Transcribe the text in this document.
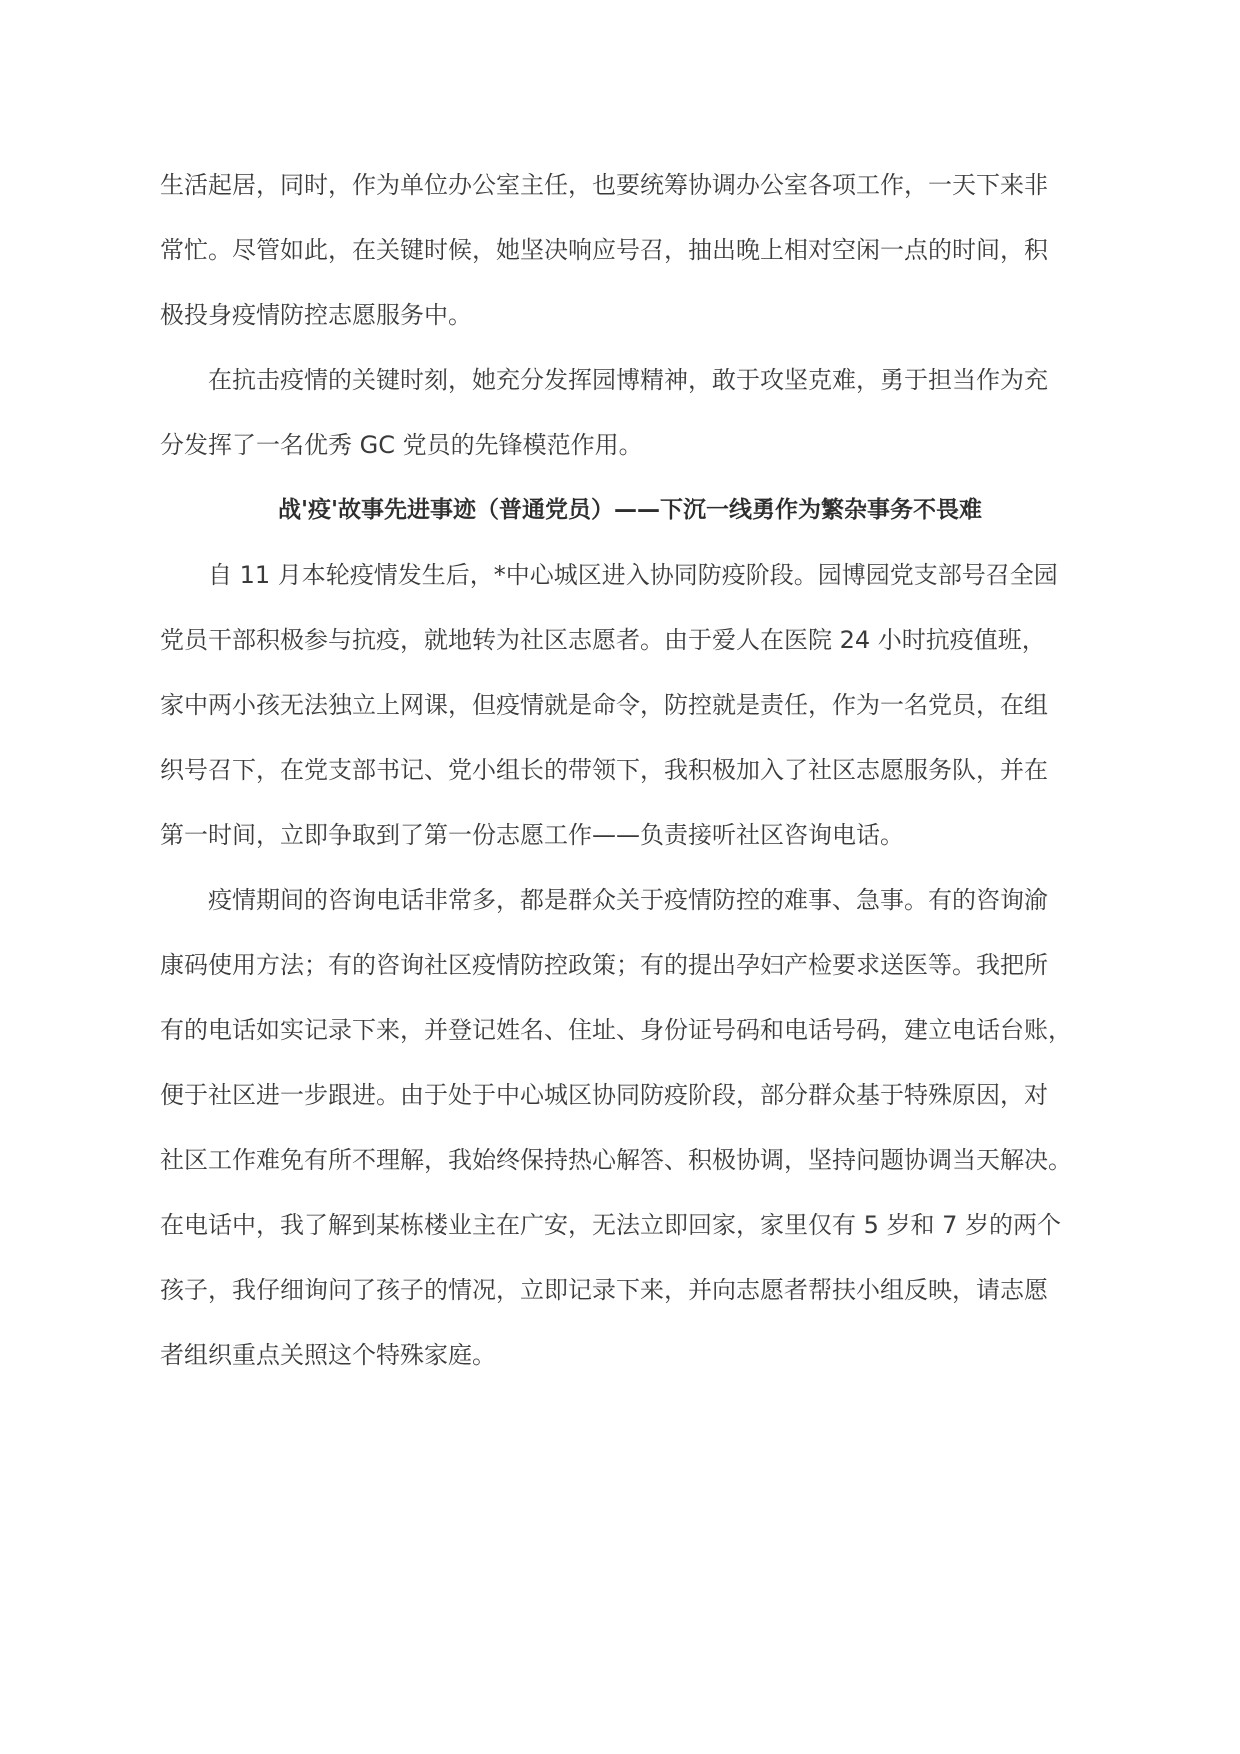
生活起居，同时，作为单位办公室主任，也要统筹协调办公室各项工作，一天下来非
常忙。尽管如此，在关键时候，她坚决响应号召，抽出晚上相对空闲一点的时间，积
极投身疫情防控志愿服务中。
在抗击疫情的关键时刻，她充分发挥园博精神，敢于攻坚克难，勇于担当作为充
分发挥了一名优秀 GC 党员的先锋模范作用。
战'疫'故事先进事迹（普通党员）——下沉一线勇作为繁杂事务不畏难
自 11 月本轮疫情发生后，*中心城区进入协同防疫阶段。园博园党支部号召全园
党员干部积极参与抗疫，就地转为社区志愿者。由于爱人在医院 24 小时抗疫值班，
家中两小孩无法独立上网课，但疫情就是命令，防控就是责任，作为一名党员，在组
织号召下，在党支部书记、党小组长的带领下，我积极加入了社区志愿服务队，并在
第一时间，立即争取到了第一份志愿工作——负责接听社区咨询电话。
疫情期间的咨询电话非常多，都是群众关于疫情防控的难事、急事。有的咨询渝
康码使用方法；有的咨询社区疫情防控政策；有的提出孕妇产检要求送医等。我把所
有的电话如实记录下来，并登记姓名、住址、身份证号码和电话号码，建立电话台账，
便于社区进一步跟进。由于处于中心城区协同防疫阶段，部分群众基于特殊原因，对
社区工作难免有所不理解，我始终保持热心解答、积极协调，坚持问题协调当天解决。
在电话中，我了解到某栋楼业主在广安，无法立即回家，家里仅有 5 岁和 7 岁的两个
孩子，我仔细询问了孩子的情况，立即记录下来，并向志愿者帮扶小组反映，请志愿
者组织重点关照这个特殊家庭。
